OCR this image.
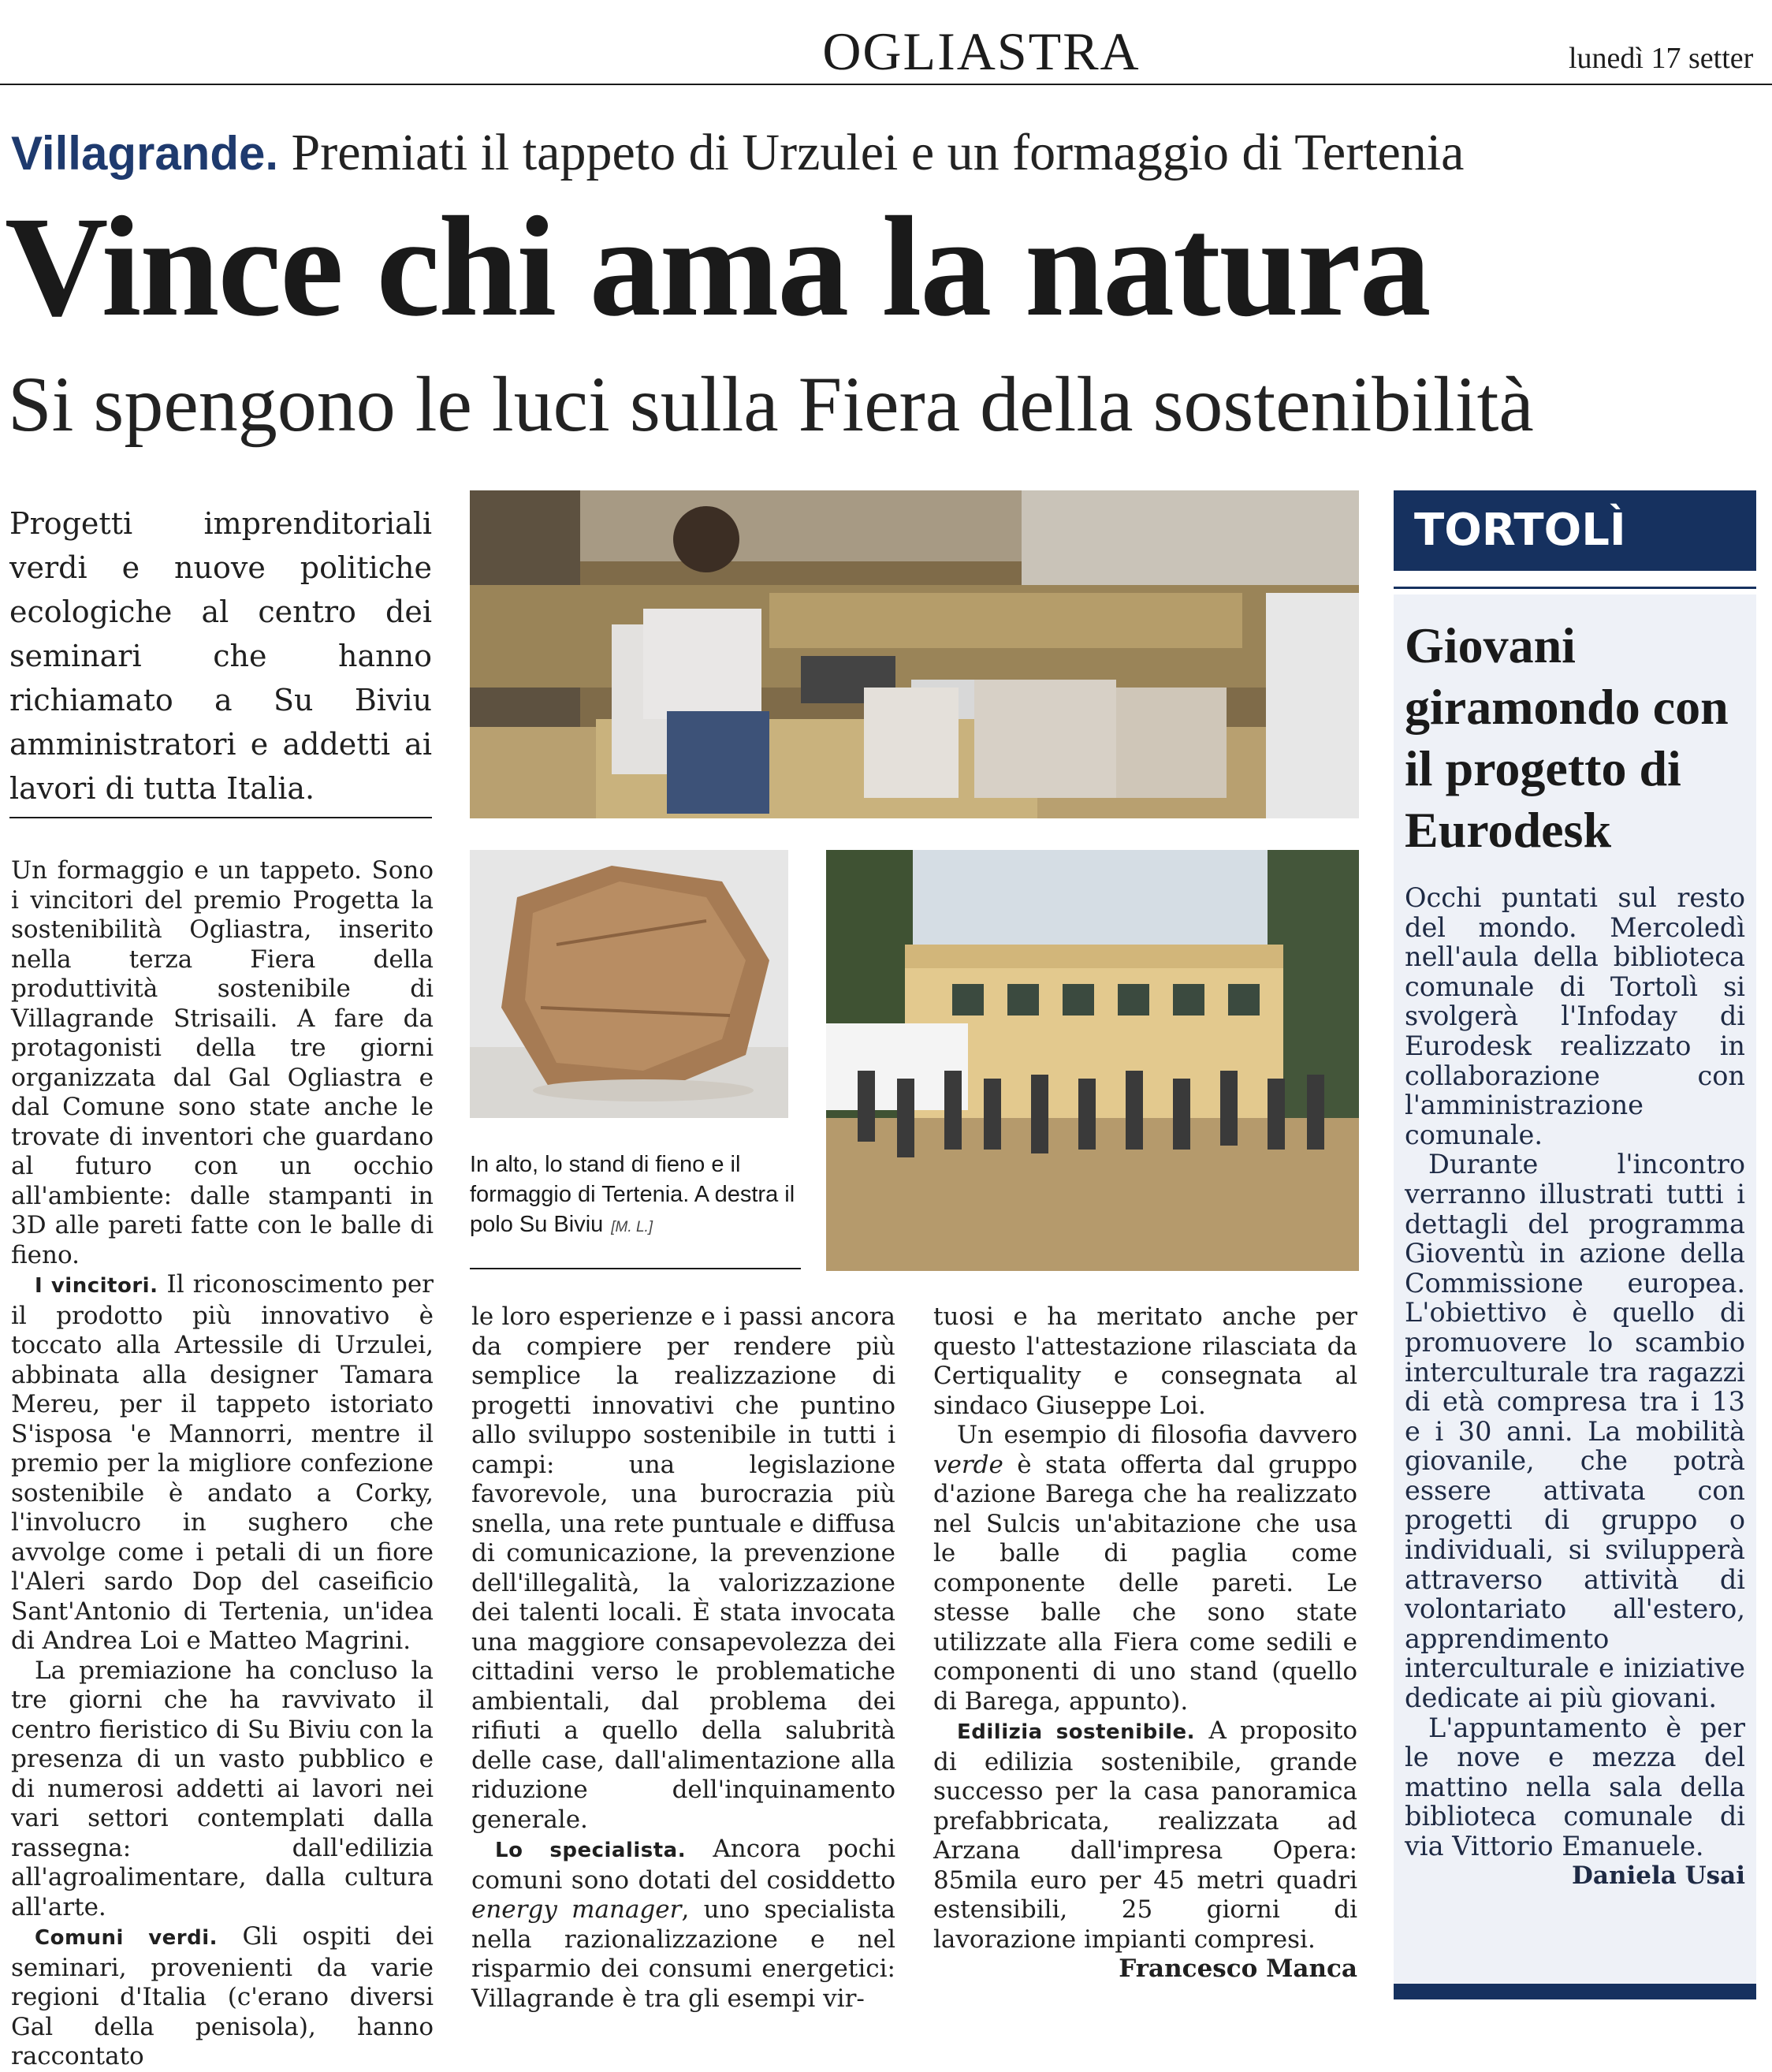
OGLIASTRA	lunedì 17 setter
Villagrande. Premiati il tappeto di Urzulei e un formaggio di Tertenia
Vince chi ama la natura
Si spengono le luci sulla Fiera della sostenibilità
Progetti imprenditoriali verdi e nuove politiche ecologiche al centro dei seminari che hanno richiamato a Su Biviu amministratori e addetti ai lavori di tutta Italia.

Un formaggio e un tappeto. Sono i vincitori del premio Progetta la sostenibilità Ogliastra, inserito nella terza Fiera della produttività sostenibile di Villagrande Strisaili. A fare da protagonisti della tre giorni organizzata dal Gal Ogliastra e dal Comune sono state anche le trovate di inventori che guardano al futuro con un occhio all'ambiente: dalle stampanti in 3D alle pareti fatte con le balle di fieno.

I vincitori. Il riconoscimento per il prodotto più innovativo è toccato alla Artessile di Urzulei, abbinata alla designer Tamara Mereu, per il tappeto istoriato S'isposa 'e Mannorri, mentre il premio per la migliore confezione sostenibile è andato a Corky, l'involucro in sughero che avvolge come i petali di un fiore l'Aleri sardo Dop del caseificio Sant'Antonio di Tertenia, un'idea di Andrea Loi e Matteo Magrini.

La premiazione ha concluso la tre giorni che ha ravvivato il centro fieristico di Su Biviu con la presenza di un vasto pubblico e di numerosi addetti ai lavori nei vari settori contemplati dalla rassegna: dall'edilizia all'agroalimentare, dalla cultura all'arte.

Comuni verdi. Gli ospiti dei seminari, provenienti da varie regioni d'Italia (c'erano diversi Gal della penisola), hanno raccontato

In alto, lo stand di fieno e il formaggio di Tertenia. A destra il polo Su Biviu [M. L.]

le loro esperienze e i passi ancora da compiere per rendere più semplice la realizzazione di progetti innovativi che puntino allo sviluppo sostenibile in tutti i campi: una legislazione favorevole, una burocrazia più snella, una rete puntuale e diffusa di comunicazione, la prevenzione dell'illegalità, la valorizzazione dei talenti locali. È stata invocata una maggiore consapevolezza dei cittadini verso le problematiche ambientali, dal problema dei rifiuti a quello della salubrità delle case, dall'alimentazione alla riduzione dell'inquinamento generale.

Lo specialista. Ancora pochi comuni sono dotati del cosiddetto energy manager, uno specialista nella razionalizzazione e nel risparmio dei consumi energetici: Villagrande è tra gli esempi vir-

tuosi e ha meritato anche per questo l'attestazione rilasciata da Certiquality e consegnata al sindaco Giuseppe Loi.

Un esempio di filosofia davvero verde è stata offerta dal gruppo d'azione Barega che ha realizzato nel Sulcis un'abitazione che usa le balle di paglia come componente delle pareti. Le stesse balle che sono state utilizzate alla Fiera come sedili e componenti di uno stand (quello di Barega, appunto).

Edilizia sostenibile. A proposito di edilizia sostenibile, grande successo per la casa panoramica prefabbricata, realizzata ad Arzana dall'impresa Opera: 85mila euro per 45 metri quadri estensibili, 25 giorni di lavorazione impianti compresi.

Francesco Manca

TORTOLÌ
Giovani giramondo con il progetto di Eurodesk

Occhi puntati sul resto del mondo. Mercoledì nell'aula della biblioteca comunale di Tortolì si svolgerà l'Infoday di Eurodesk realizzato in collaborazione con l'amministrazione comunale.

Durante l'incontro verranno illustrati tutti i dettagli del programma Gioventù in azione della Commissione europea. L'obiettivo è quello di promuovere lo scambio interculturale tra ragazzi di età compresa tra i 13 e i 30 anni. La mobilità giovanile, che potrà essere attivata con progetti di gruppo o individuali, si svilupperà attraverso attività di volontariato all'estero, apprendimento interculturale e iniziative dedicate ai più giovani.

L'appuntamento è per le nove e mezza del mattino nella sala della biblioteca comunale di via Vittorio Emanuele.

Daniela Usai
